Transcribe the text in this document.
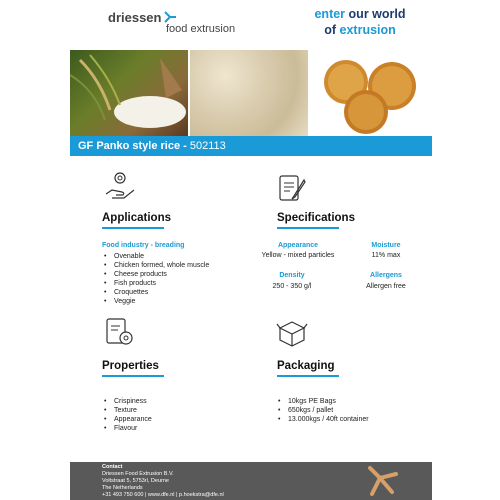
driessen
food extrusion
enter our world
of extrusion
GF Panko style rice - 502113
Applications
Food industry - breading
• Ovenable
• Chicken formed, whole muscle
• Cheese products
• Fish products
• Croquettes
• Veggie
Specifications
Appearance
Yellow - mixed particles
Moisture
11% max
Density
250 - 350 g/l
Allergens
Allergen free
Properties
• Crispiness
• Texture
• Appearance
• Flavour
Packaging
• 10kgs PE Bags
• 650kgs / pallet
• 13.000kgs / 40ft container
Contact
Driessen Food Extrusion B.V.
Voltstraat 5, 5753rl, Deurne
The Netherlands
+31 493 750 600 | www.dfe.nl | p.hoekstra@dfe.nl
